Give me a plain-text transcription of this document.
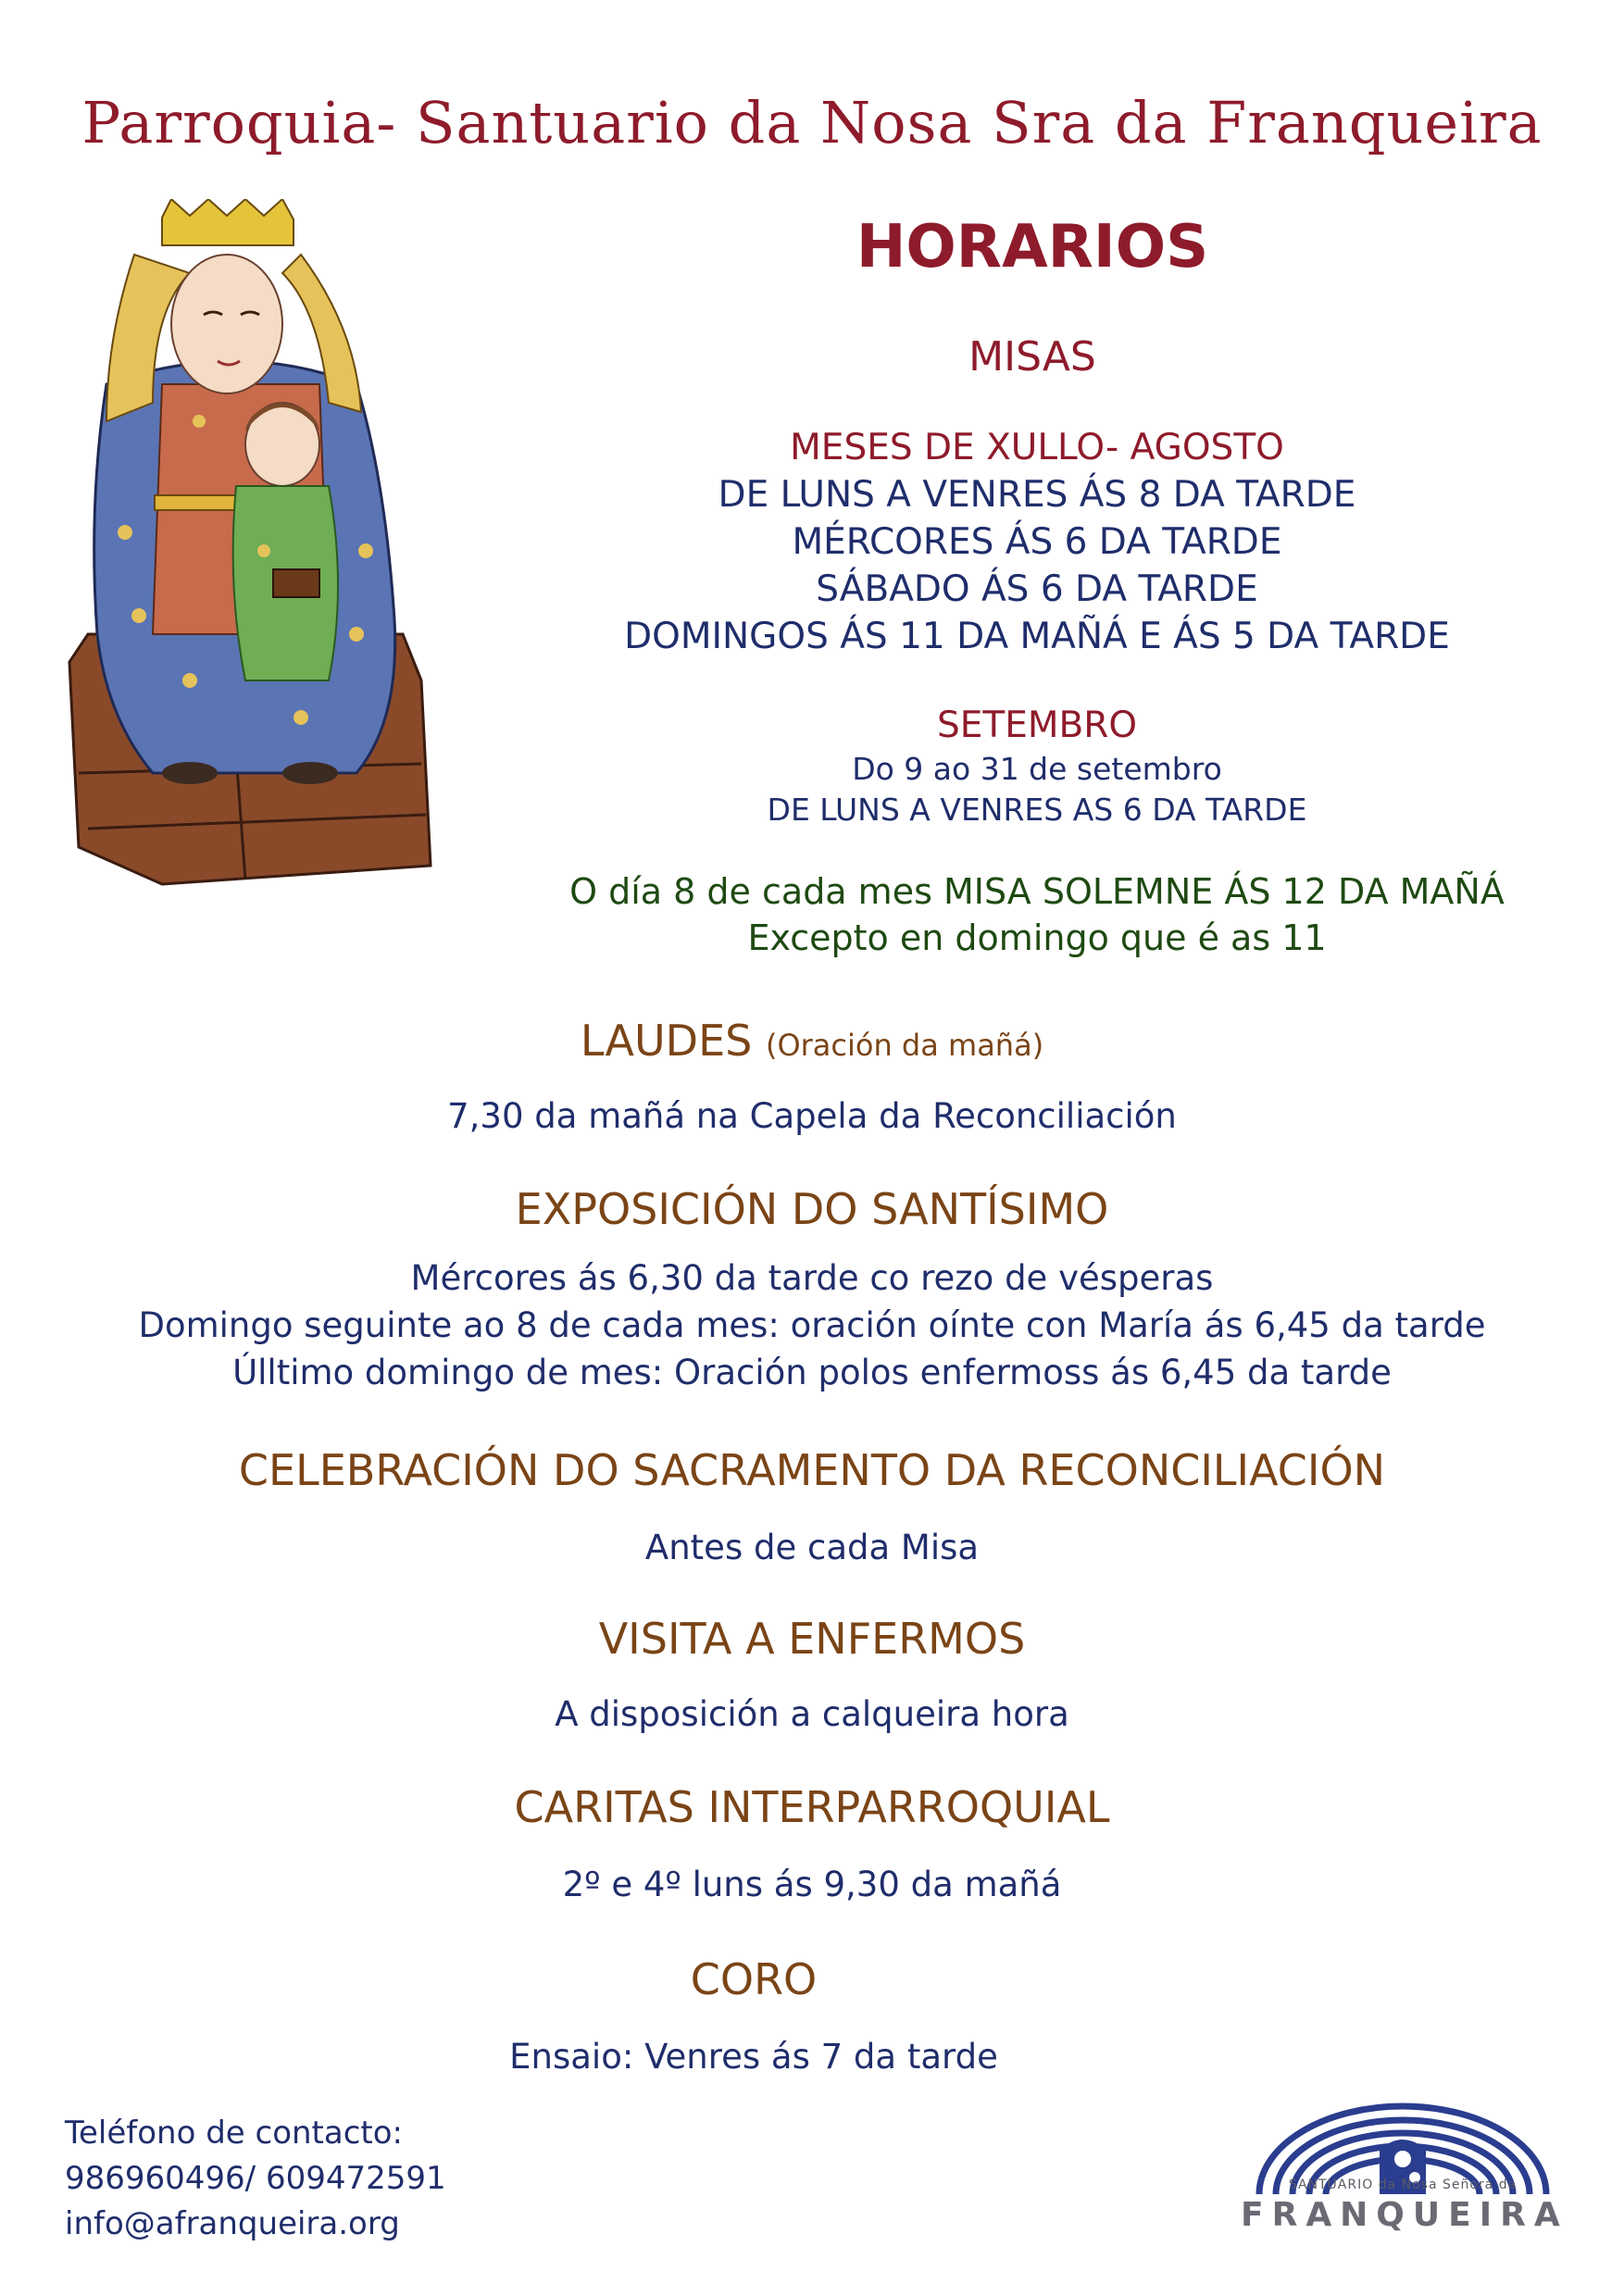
Parroquia- Santuario da Nosa Sra da Franqueira
HORARIOS
MISAS
MESES DE XULLO- AGOSTO
DE LUNS A VENRES ÁS 8 DA TARDE
MÉRCORES ÁS 6 DA TARDE
SÁBADO ÁS 6 DA TARDE
DOMINGOS ÁS 11 DA MAÑÁ E ÁS 5 DA TARDE
SETEMBRO
Do 9 ao 31 de setembro
DE LUNS A VENRES AS 6 DA TARDE
O día 8 de cada mes MISA SOLEMNE ÁS 12 DA MAÑÁ
Excepto en domingo que é as 11
LAUDES (Oración da mañá)
7,30 da mañá na Capela da Reconciliación
EXPOSICIÓN DO SANTÍSIMO
Mércores ás 6,30 da tarde co rezo de vésperas
Domingo seguinte ao 8 de cada mes: oración oínte con María ás 6,45 da tarde
Úlltimo domingo de mes: Oración polos enfermoss ás 6,45 da tarde
CELEBRACIÓN DO SACRAMENTO DA RECONCILIACIÓN
Antes de cada Misa
VISITA A ENFERMOS
A disposición a calqueira hora
CARITAS INTERPARROQUIAL
2º e 4º luns ás 9,30 da mañá
CORO
Ensaio: Venres ás 7 da tarde
Teléfono de contacto:
986960496/ 609472591
info@afranqueira.org
SANTUARIO da Nosa Señora da
FRANQUEIRA
